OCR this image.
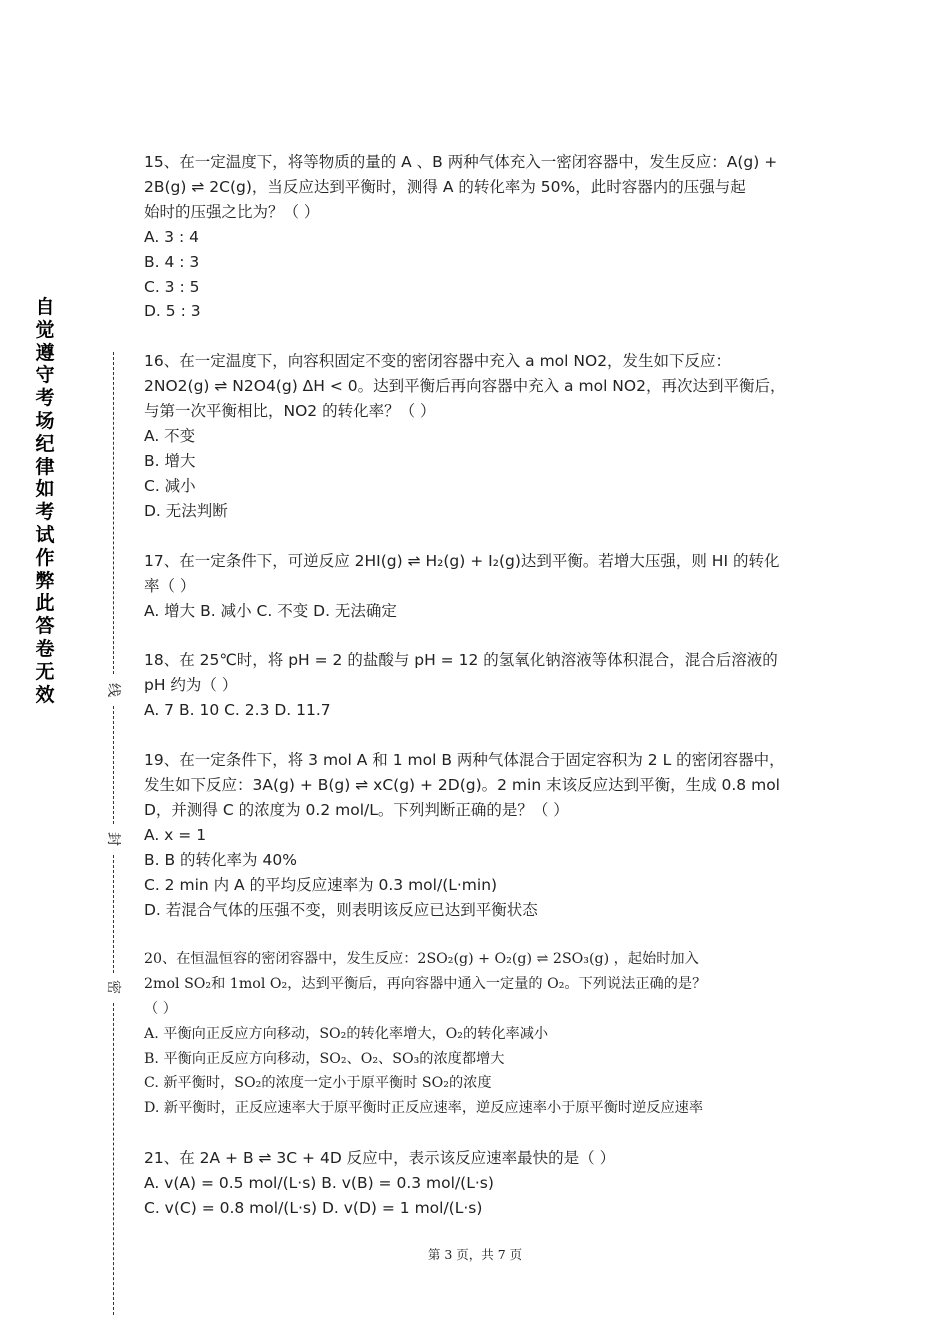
自觉遵守考场纪律如考试作弊此答卷无效	线
封
密

15、在一定温度下，将等物质的量的 A 、B 两种气体充入一密闭容器中，发生反应：A(g) +

2B(g) ⇌ 2C(g)，当反应达到平衡时，测得 A 的转化率为 50%，此时容器内的压强与起

始时的压强之比为？（ ）

A. 3 : 4

B. 4 : 3

C. 3 : 5

D. 5 : 3

16、在一定温度下，向容积固定不变的密闭容器中充入 a mol NO2，发生如下反应：

2NO2(g) ⇌ N2O4(g) ΔH < 0。达到平衡后再向容器中充入 a mol NO2，再次达到平衡后，

与第一次平衡相比，NO2 的转化率？（ ）

A. 不变

B. 增大

C. 减小

D. 无法判断

17、在一定条件下，可逆反应 2HI(g) ⇌ H₂(g) + I₂(g)达到平衡。若增大压强，则 HI 的转化

率（ ）

A. 增大 B. 减小 C. 不变 D. 无法确定

18、在 25℃时，将 pH = 2 的盐酸与 pH = 12 的氢氧化钠溶液等体积混合，混合后溶液的

pH 约为（ ）

A. 7 B. 10 C. 2.3 D. 11.7

19、在一定条件下，将 3 mol A 和 1 mol B 两种气体混合于固定容积为 2 L 的密闭容器中，

发生如下反应：3A(g) + B(g) ⇌ xC(g) + 2D(g)。2 min 末该反应达到平衡，生成 0.8 mol

D，并测得 C 的浓度为 0.2 mol/L。下列判断正确的是？（ ）

A. x = 1

B. B 的转化率为 40%

C. 2 min 内 A 的平均反应速率为 0.3 mol/(L·min)

D. 若混合气体的压强不变，则表明该反应已达到平衡状态

20、在恒温恒容的密闭容器中，发生反应：2SO₂(g) + O₂(g) ⇌ 2SO₃(g) ，起始时加入

2mol SO₂和 1mol O₂，达到平衡后，再向容器中通入一定量的 O₂。下列说法正确的是？

（ ）

A. 平衡向正反应方向移动，SO₂的转化率增大，O₂的转化率减小

B. 平衡向正反应方向移动，SO₂、O₂、SO₃的浓度都增大

C. 新平衡时，SO₂的浓度一定小于原平衡时 SO₂的浓度

D. 新平衡时，正反应速率大于原平衡时正反应速率，逆反应速率小于原平衡时逆反应速率

21、在 2A + B ⇌ 3C + 4D 反应中，表示该反应速率最快的是（ ）

A. v(A) = 0.5 mol/(L·s) B. v(B) = 0.3 mol/(L·s)

C. v(C) = 0.8 mol/(L·s) D. v(D) = 1 mol/(L·s)

第 3 页，共 7 页
